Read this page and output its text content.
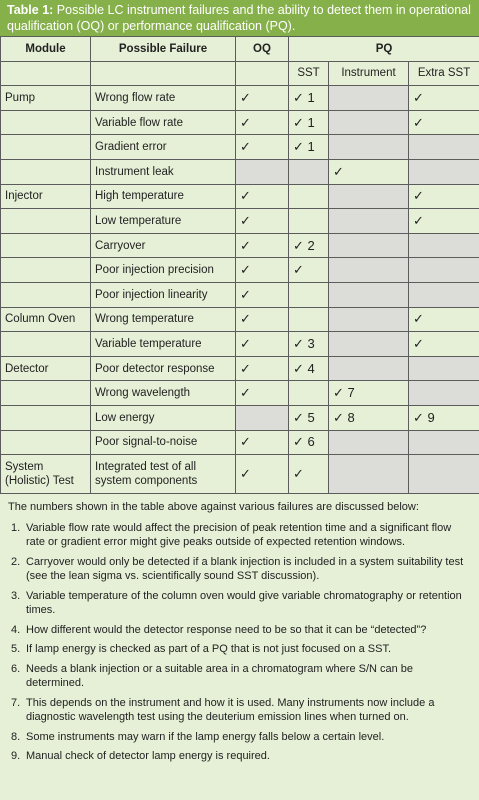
Table 1: Possible LC instrument failures and the ability to detect them in operational qualification (OQ) or performance qualification (PQ).
Module	Possible Failure	OQ	PQ		
			SST	Instrument	Extra SST
Pump	Wrong flow rate	✓	✓ 1		✓
	Variable flow rate	✓	✓ 1		✓
	Gradient error	✓	✓ 1		
	Instrument leak			✓	
Injector	High temperature	✓			✓
	Low temperature	✓			✓
	Carryover	✓	✓ 2		
	Poor injection precision	✓	✓		
	Poor injection linearity	✓			
Column Oven	Wrong temperature	✓			✓
	Variable temperature	✓	✓ 3		✓
Detector	Poor detector response	✓	✓ 4		
	Wrong wavelength	✓		✓ 7	
	Low energy		✓ 5	✓ 8	✓ 9
	Poor signal-to-noise	✓	✓ 6		
System (Holistic) Test	Integrated test of all system components	✓	✓		
The numbers shown in the table above against various failures are discussed below:
1. Variable flow rate would affect the precision of peak retention time and a significant flow rate or gradient error might give peaks outside of expected retention windows.
2. Carryover would only be detected if a blank injection is included in a system suitability test (see the lean sigma vs. scientifically sound SST discussion).
3. Variable temperature of the column oven would give variable chromatography or retention times.
4. How different would the detector response need to be so that it can be “detected”?
5. If lamp energy is checked as part of a PQ that is not just focused on a SST.
6. Needs a blank injection or a suitable area in a chromatogram where S/N can be determined.
7. This depends on the instrument and how it is used. Many instruments now include a diagnostic wavelength test using the deuterium emission lines when turned on.
8. Some instruments may warn if the lamp energy falls below a certain level.
9. Manual check of detector lamp energy is required.
